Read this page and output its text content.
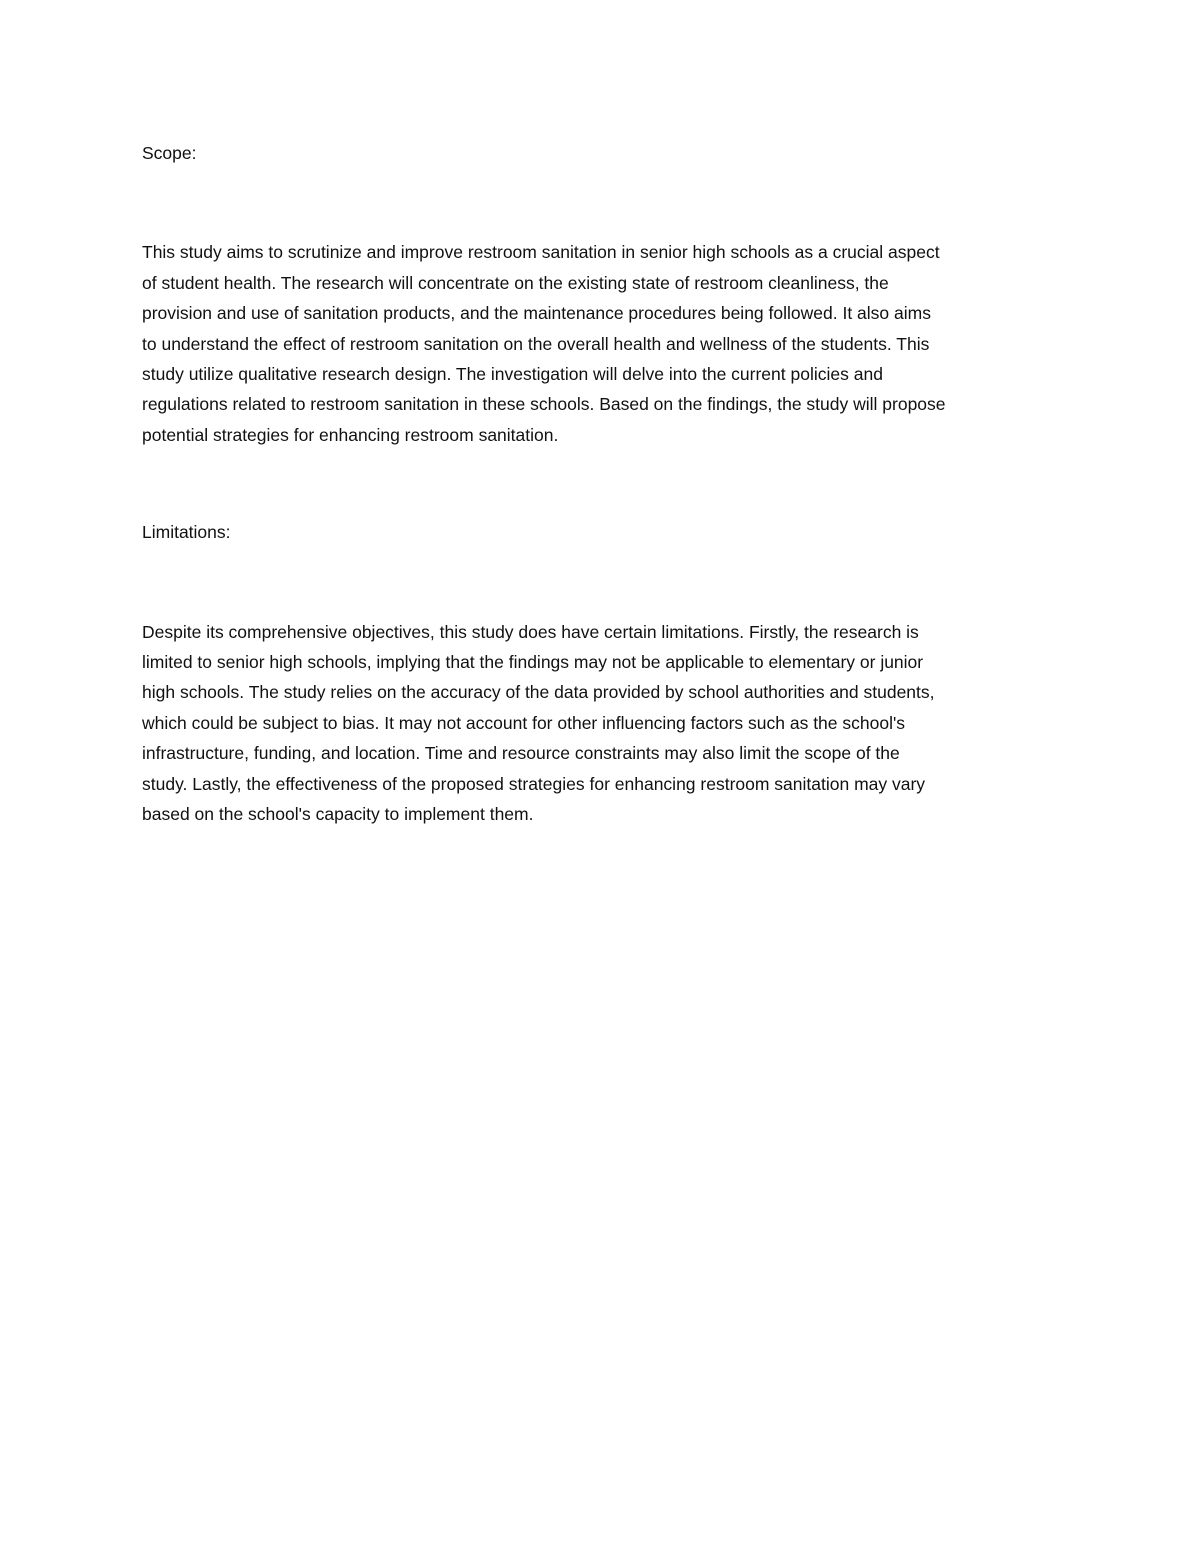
Scope:

This study aims to scrutinize and improve restroom sanitation in senior high schools as a crucial aspect
of student health. The research will concentrate on the existing state of restroom cleanliness, the
provision and use of sanitation products, and the maintenance procedures being followed. It also aims
to understand the effect of restroom sanitation on the overall health and wellness of the students. This
study utilize qualitative research design. The investigation will delve into the current policies and
regulations related to restroom sanitation in these schools. Based on the findings, the study will propose
potential strategies for enhancing restroom sanitation.

Limitations:

Despite its comprehensive objectives, this study does have certain limitations. Firstly, the research is
limited to senior high schools, implying that the findings may not be applicable to elementary or junior
high schools. The study relies on the accuracy of the data provided by school authorities and students,
which could be subject to bias. It may not account for other influencing factors such as the school's
infrastructure, funding, and location. Time and resource constraints may also limit the scope of the
study. Lastly, the effectiveness of the proposed strategies for enhancing restroom sanitation may vary
based on the school's capacity to implement them.
